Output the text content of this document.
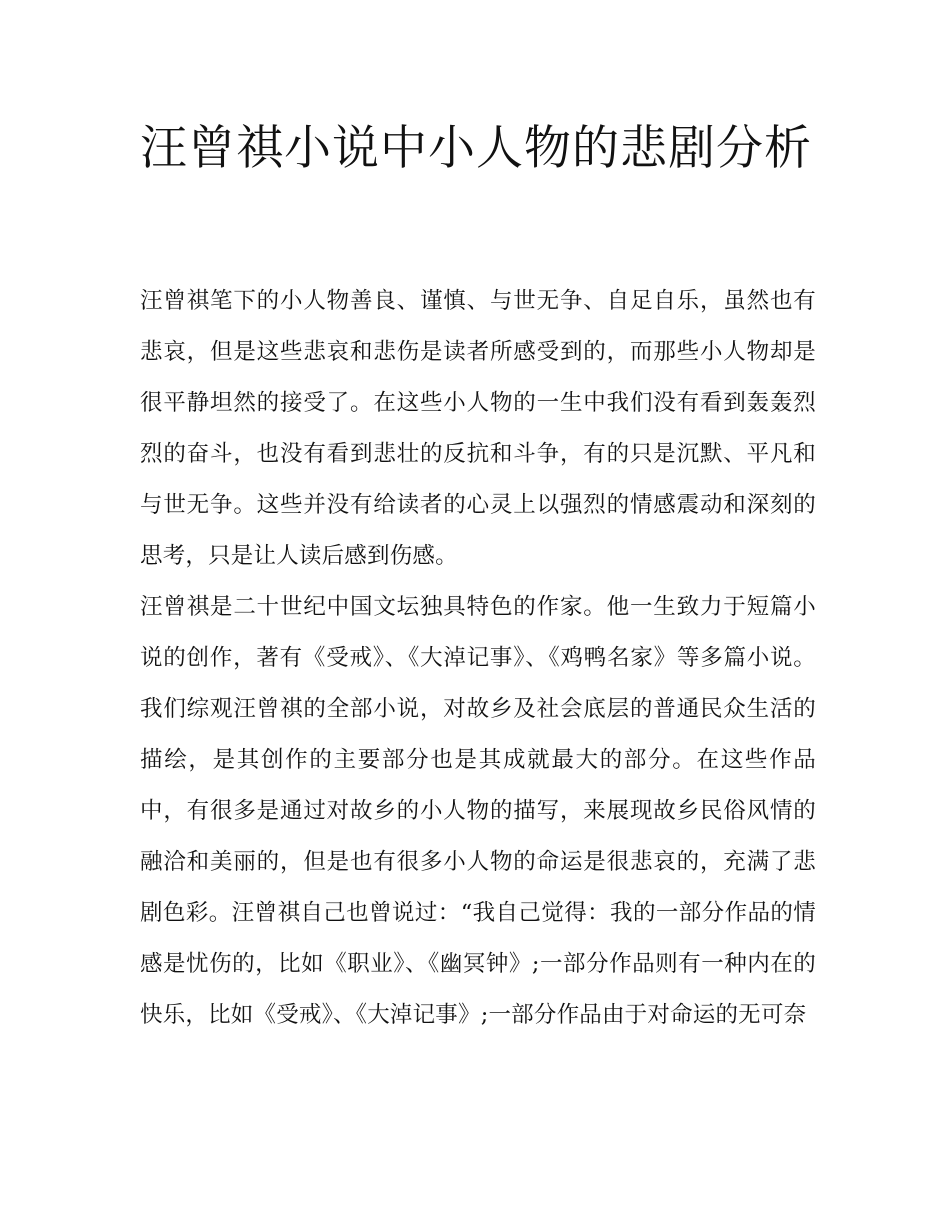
汪曾祺小说中小人物的悲剧分析

汪曾祺笔下的小人物善良、谨慎、与世无争、自足自乐，虽然也有悲哀，但是这些悲哀和悲伤是读者所感受到的，而那些小人物却是很平静坦然的接受了。在这些小人物的一生中我们没有看到轰轰烈烈的奋斗，也没有看到悲壮的反抗和斗争，有的只是沉默、平凡和与世无争。这些并没有给读者的心灵上以强烈的情感震动和深刻的思考，只是让人读后感到伤感。

汪曾祺是二十世纪中国文坛独具特色的作家。他一生致力于短篇小说的创作，著有《受戒》、《大淖记事》、《鸡鸭名家》等多篇小说。我们综观汪曾祺的全部小说，对故乡及社会底层的普通民众生活的描绘，是其创作的主要部分也是其成就最大的部分。在这些作品中，有很多是通过对故乡的小人物的描写，来展现故乡民俗风情的融洽和美丽的，但是也有很多小人物的命运是很悲哀的，充满了悲剧色彩。汪曾祺自己也曾说过：“我自己觉得：我的一部分作品的情感是忧伤的，比如《职业》、《幽冥钟》;一部分作品则有一种内在的快乐，比如《受戒》、《大淖记事》;一部分作品由于对命运的无可奈
